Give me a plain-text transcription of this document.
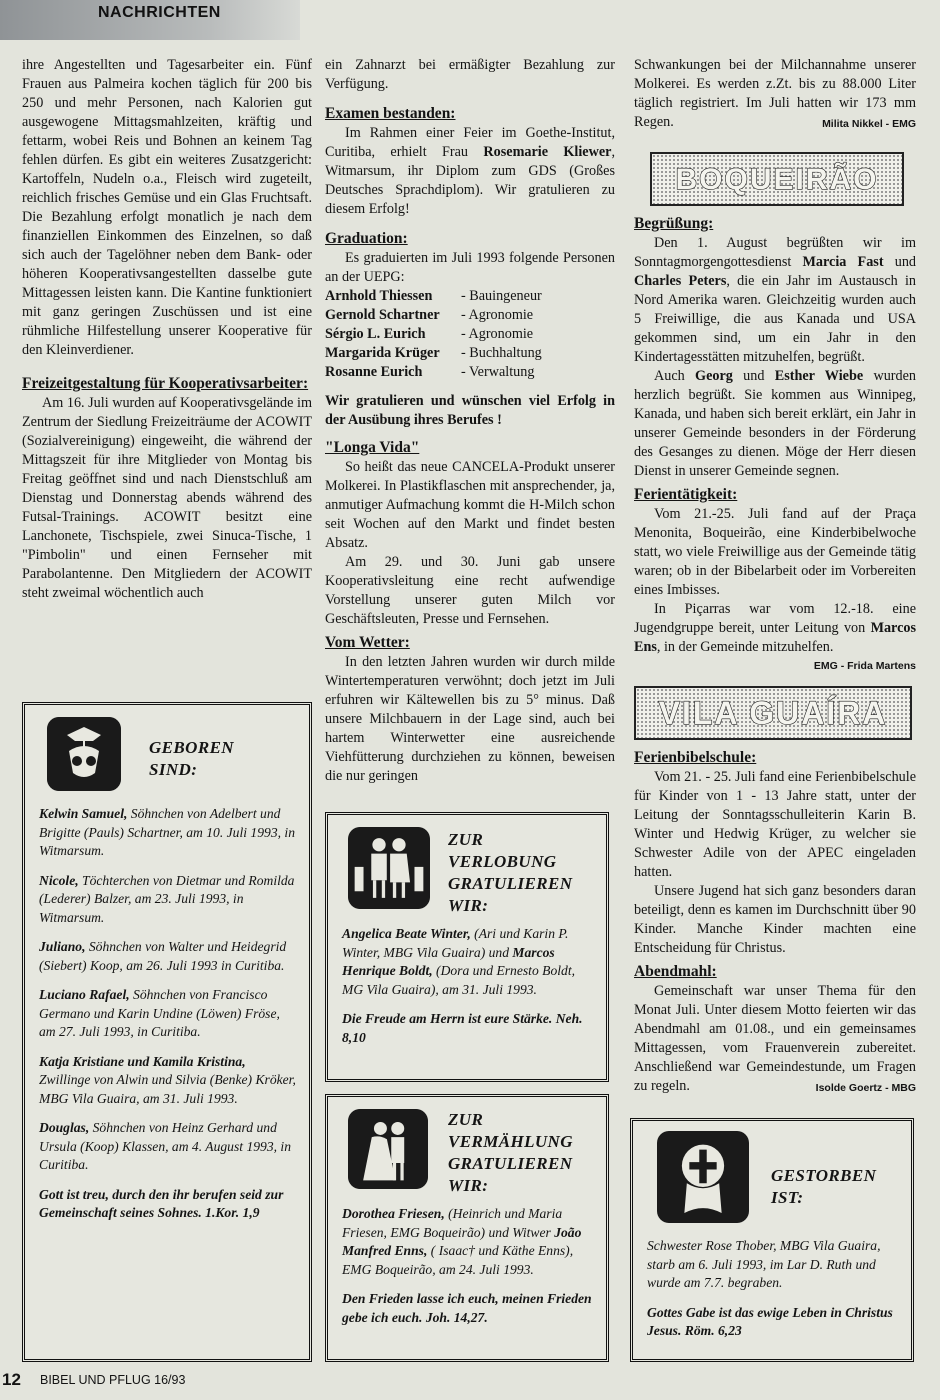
NACHRICHTEN

ihre Angestellten und Tagesarbeiter ein. Fünf Frauen aus Palmeira kochen täglich für 200 bis 250 und mehr Personen, nach Kalorien gut ausgewogene Mittagsmahlzeiten, kräftig und fettarm, wobei Reis und Bohnen an keinem Tag fehlen dürfen. Es gibt ein weiteres Zusatzgericht: Kartoffeln, Nudeln o.a., Fleisch wird zugeteilt, reichlich frisches Gemüse und ein Glas Fruchtsaft. Die Bezahlung erfolgt monatlich je nach dem finanziellen Einkommen des Einzelnen, so daß sich auch der Tagelöhner neben dem Bank- oder höheren Kooperativsangestellten dasselbe gute Mittagessen leisten kann. Die Kantine funktioniert mit ganz geringen Zuschüssen und ist eine rühmliche Hilfestellung unserer Kooperative für den Kleinverdiener.

Freizeitgestaltung für Kooperativsarbeiter:

Am 16. Juli wurden auf Kooperativsgelände im Zentrum der Siedlung Freizeiträume der ACOWIT (Sozialvereinigung) eingeweiht, die während der Mittagszeit für ihre Mitglieder von Montag bis Freitag geöffnet sind und nach Dienstschluß am Dienstag und Donnerstag abends während des Futsal-Trainings. ACOWIT besitzt eine Lanchonete, Tischspiele, zwei Sinuca-Tische, 1 "Pimbolin" und einen Fernseher mit Parabolantenne. Den Mitgliedern der ACOWIT steht zweimal wöchentlich auch

GEBOREN
SIND:
Kelwin Samuel, Söhnchen von Adelbert und Brigitte (Pauls) Schartner, am 10. Juli 1993, in Witmarsum.
Nicole, Töchterchen von Dietmar und Romilda (Lederer) Balzer, am 23. Juli 1993, in Witmarsum.
Juliano, Söhnchen von Walter und Heidegrid (Siebert) Koop, am 26. Juli 1993 in Curitiba.
Luciano Rafael, Söhnchen von Francisco Germano und Karin Undine (Löwen) Fröse, am 27. Juli 1993, in Curitiba.
Katja Kristiane und Kamila Kristina, Zwillinge von Alwin und Silvia (Benke) Kröker, MBG Vila Guaira, am 31. Juli 1993.
Douglas, Söhnchen von Heinz Gerhard und Ursula (Koop) Klassen, am 4. August 1993, in Curitiba.
Gott ist treu, durch den ihr berufen seid zur Gemeinschaft seines Sohnes. 1.Kor. 1,9

ein Zahnarzt bei ermäßigter Bezahlung zur Verfügung.

Examen bestanden:

Im Rahmen einer Feier im Goethe-Institut, Curitiba, erhielt Frau Rosemarie Kliewer, Witmarsum, ihr Diplom zum GDS (Großes Deutsches Sprachdiplom). Wir gratulieren zu diesem Erfolg!

Graduation:

Es graduierten im Juli 1993 folgende Personen an der UEPG:

Arnhold Thiessen - Bauingeneur
Gernold Schartner - Agronomie
Sérgio L. Eurich	- Agronomie
Margarida Krüger - Buchhaltung
Rosanne Eurich	- Verwaltung

Wir gratulieren und wünschen viel Erfolg in der Ausübung ihres Berufes !

"Longa Vida"

So heißt das neue CANCELA-Produkt unserer Molkerei. In Plastikflaschen mit ansprechender, ja, anmutiger Aufmachung kommt die H-Milch schon seit Wochen auf den Markt und findet besten Absatz.

Am 29. und 30. Juni gab unsere Kooperativsleitung eine recht aufwendige Vorstellung unserer guten Milch vor Geschäftsleuten, Presse und Fernsehen.

Vom Wetter:

In den letzten Jahren wurden wir durch milde Wintertemperaturen verwöhnt; doch jetzt im Juli erfuhren wir Kältewellen bis zu 5° minus. Daß unsere Milchbauern in der Lage sind, auch bei hartem Winterwetter eine ausreichende Viehfütterung durchziehen zu können, beweisen die nur geringen

ZUR
VERLOBUNG
GRATULIEREN
WIR:
Angelica Beate Winter, (Ari und Karin P. Winter, MBG Vila Guaira) und Marcos Henrique Boldt, (Dora und Ernesto Boldt, MG Vila Guaira), am 31. Juli 1993.
Die Freude am Herrn ist eure Stärke. Neh. 8,10
ZUR
VERMÄHLUNG
GRATULIEREN
WIR:
Dorothea Friesen, (Heinrich und Maria Friesen, EMG Boqueirão) und Witwer João Manfred Enns, ( Isaac† und Käthe Enns), EMG Boqueirão, am 24. Juli 1993.
Den Frieden lasse ich euch, meinen Frieden gebe ich euch. Joh. 14,27.

Schwankungen bei der Milchannahme unserer Molkerei. Es werden z.Zt. bis zu 88.000 Liter täglich registriert. Im Juli hatten wir 173 mm Regen.	Milita Nikkel - EMG

BOQUEIRÃO
Begrüßung:

Den 1. August begrüßten wir im Sonntagmorgengottesdienst Marcia Fast und Charles Peters, die ein Jahr im Austausch in Nord Amerika waren. Gleichzeitig wurden auch 5 Freiwillige, die aus Kanada und USA gekommen sind, um ein Jahr in den Kindertagesstätten mitzuhelfen, begrüßt.

Auch Georg und Esther Wiebe wurden herzlich begrüßt. Sie kommen aus Winnipeg, Kanada, und haben sich bereit erklärt, ein Jahr in unserer Gemeinde besonders in der Förderung des Gesanges zu dienen. Möge der Herr diesen Dienst in unserer Gemeinde segnen.

Ferientätigkeit:

Vom 21.-25. Juli fand auf der Praça Menonita, Boqueirão, eine Kinderbibelwoche statt, wo viele Freiwillige aus der Gemeinde tätig waren; ob in der Bibelarbeit oder im Vorbereiten eines Imbisses.

In Piçarras war vom 12.-18. eine Jugendgruppe bereit, unter Leitung von Marcos Ens, in der Gemeinde mitzuhelfen.

EMG - Frida Martens
VILA GUAÍRA
Ferienbibelschule:

Vom 21. - 25. Juli fand eine Ferienbibelschule für Kinder von 1 - 13 Jahre statt, unter der Leitung der Sonntagsschulleiterin Karin B. Winter und Hedwig Krüger, zu welcher sie Schwester Adile von der APEC eingeladen hatten.

Unsere Jugend hat sich ganz besonders daran beteiligt, denn es kamen im Durchschnitt über 90 Kinder. Manche Kinder machten eine Entscheidung für Christus.

Abendmahl:

Gemeinschaft war unser Thema für den Monat Juli. Unter diesem Motto feierten wir das Abendmahl am 01.08., und ein gemeinsames Mittagessen, vom Frauenverein zubereitet. Anschließend war Gemeindestunde, um Fragen zu regeln.	Isolde Goertz - MBG

GESTORBEN
IST:
Schwester Rose Thober, MBG Vila Guaira, starb am 6. Juli 1993, im Lar D. Ruth und wurde am 7.7. begraben.
Gottes Gabe ist das ewige Leben in Christus Jesus. Röm. 6,23
12 BIBEL UND PFLUG 16/93
